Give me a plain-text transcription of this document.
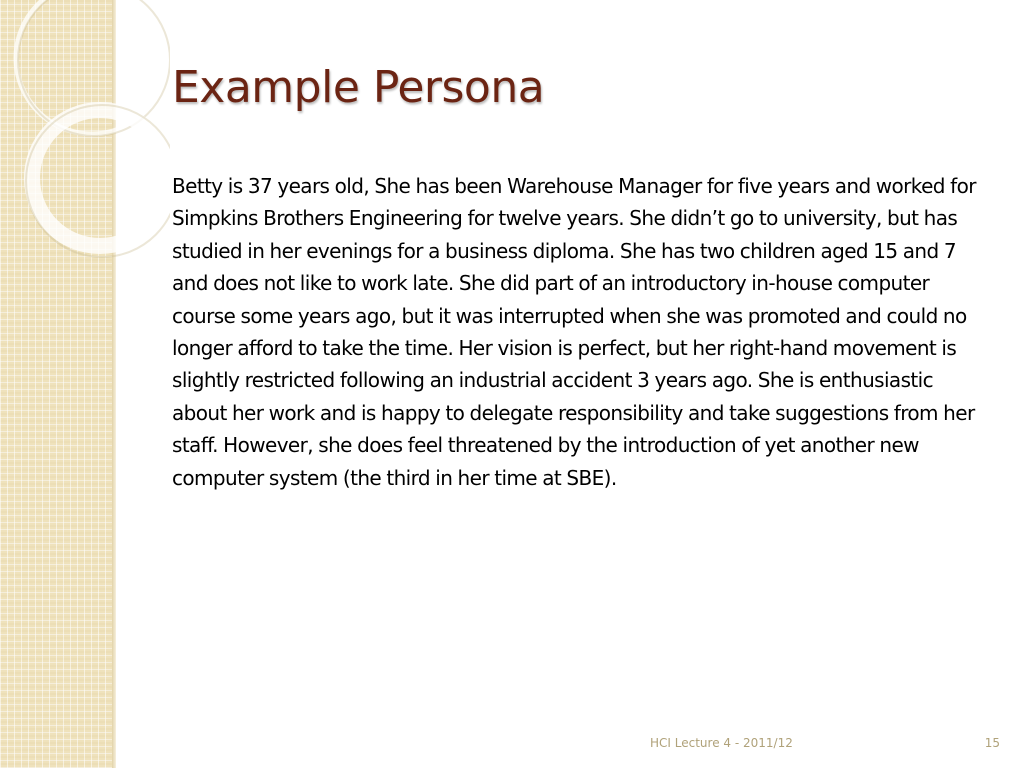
Example Persona

Betty is 37 years old, She has been Warehouse Manager for five years and worked for Simpkins Brothers Engineering for twelve years. She didn’t go to university, but has studied in her evenings for a business diploma. She has two children aged 15 and 7 and does not like to work late. She did part of an introductory in-house computer course some years ago, but it was interrupted when she was promoted and could no longer afford to take the time. Her vision is perfect, but her right-hand movement is slightly restricted following an industrial accident 3 years ago. She is enthusiastic about her work and is happy to delegate responsibility and take suggestions from her staff. However, she does feel threatened by the introduction of yet another new computer system (the third in her time at SBE).

HCI Lecture 4 - 2011/12	15
